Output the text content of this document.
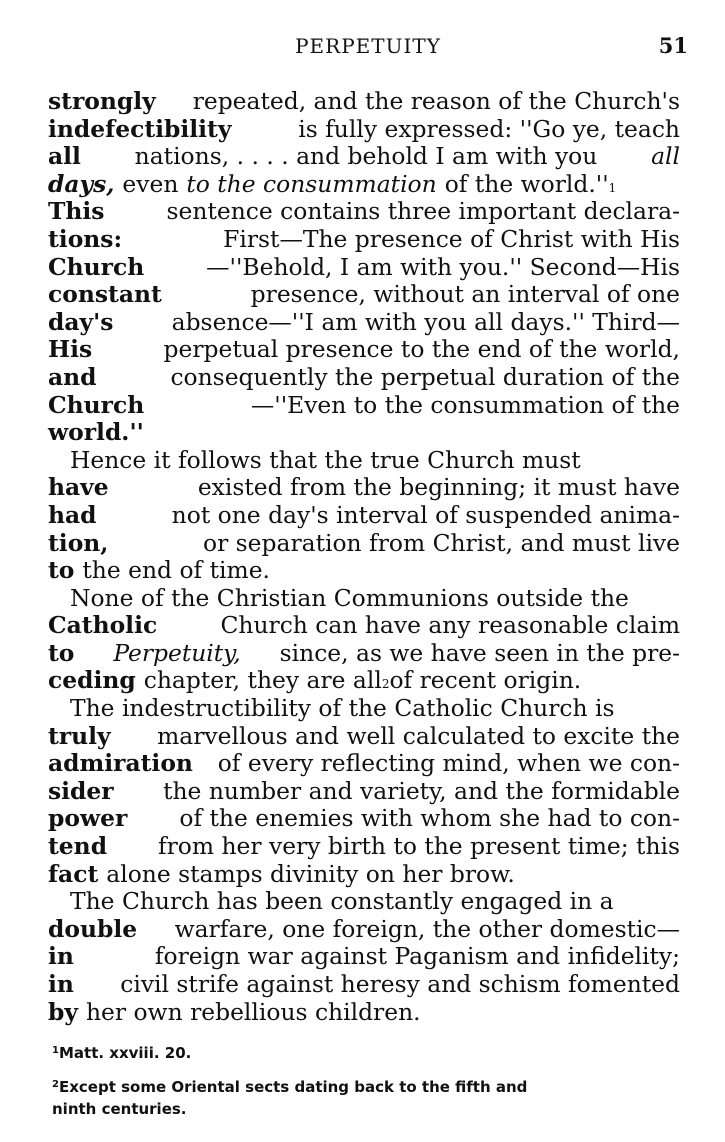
PERPETUITY	51
strongly repeated, and the reason of the Church's
indefectibility	is fully expressed: ''Go ye, teach
all nations, . . . . and behold I am with you all
days, even to the consummation of the world.'' 1
This	sentence contains three important declara-
tions:	First—The presence of Christ with His
Church	—''Behold, I am with you.'' Second—His
constant	presence, without an interval of one
day's absence—''I am with you all days.'' Third—
His	perpetual presence to the end of the world,
and	consequently the perpetual duration of the
Church	—''Even to the consummation of the
world.''
Hence it follows that the true Church must
have	existed from the beginning; it must have
had	not one day's interval of suspended anima-
tion,	or separation from Christ, and must live
to the end of time.
None of the Christian Communions outside the
Catholic	Church can have any reasonable claim
to Perpetuity, since, as we have seen in the pre-
ceding chapter, they are all 2 of recent origin.
The indestructibility of the Catholic Church is
truly marvellous and well calculated to excite the
admiration of every reflecting mind, when we con-
sider the number and variety, and the formidable
power of the enemies with whom she had to con-
tend from her very birth to the present time; this
fact alone stamps divinity on her brow.
The Church has been constantly engaged in a
double warfare, one foreign, the other domestic—
in	foreign war against Paganism and infidelity;
in civil strife against heresy and schism fomented
by her own rebellious children.
$^1$Matt. xxviii. 20.
$^2$Except some Oriental sects dating back to the fifth and
ninth centuries.
